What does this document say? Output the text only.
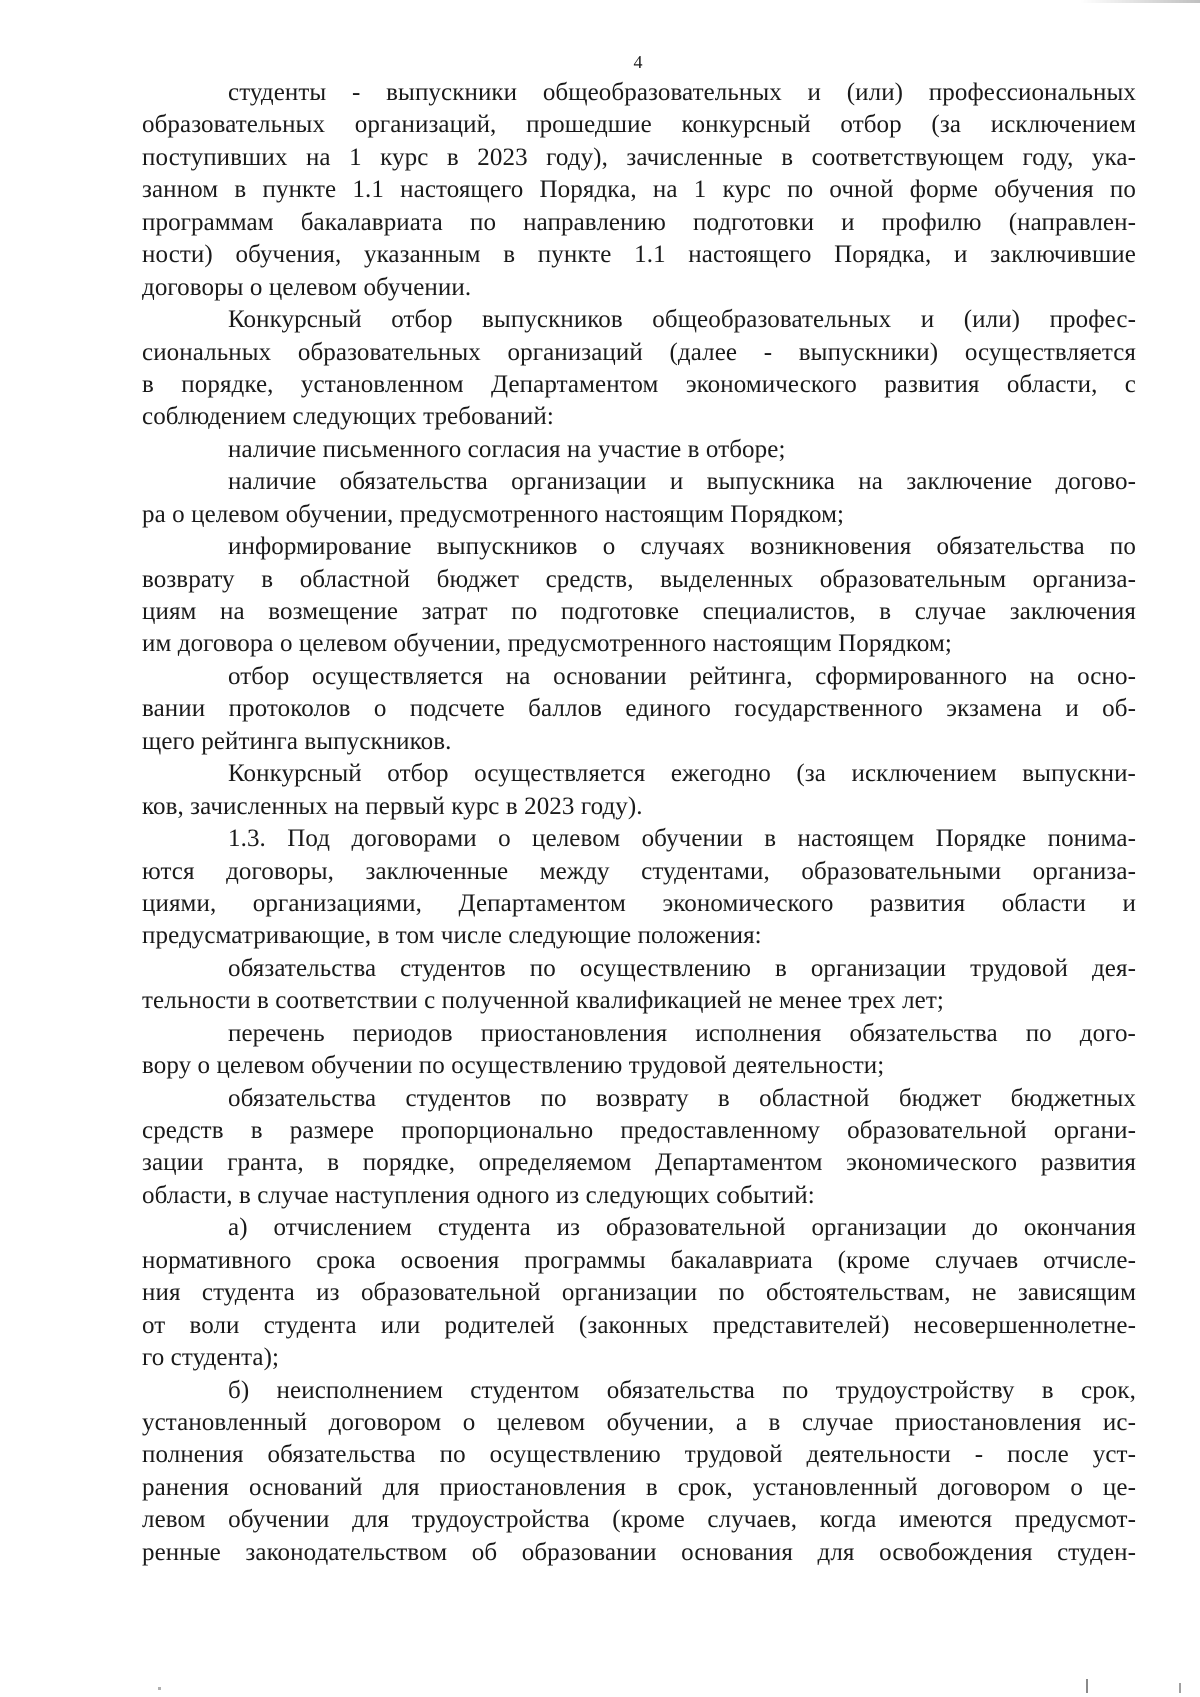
4
студенты - выпускники общеобразовательных и (или) профессиональных
образовательных организаций, прошедшие конкурсный отбор (за исключением
поступивших на 1 курс в 2023 году), зачисленные в соответствующем году, ука-
занном в пункте 1.1 настоящего Порядка, на 1 курс по очной форме обучения по
программам бакалавриата по направлению подготовки и профилю (направлен-
ности) обучения, указанным в пункте 1.1 настоящего Порядка, и заключившие
договоры о целевом обучении.
Конкурсный отбор выпускников общеобразовательных и (или) профес-
сиональных образовательных организаций (далее - выпускники) осуществляется
в порядке, установленном Департаментом экономического развития области, с
соблюдением следующих требований:
наличие письменного согласия на участие в отборе;
наличие обязательства организации и выпускника на заключение догово-
ра о целевом обучении, предусмотренного настоящим Порядком;
информирование выпускников о случаях возникновения обязательства по
возврату в областной бюджет средств, выделенных образовательным организа-
циям на возмещение затрат по подготовке специалистов, в случае заключения
им договора о целевом обучении, предусмотренного настоящим Порядком;
отбор осуществляется на основании рейтинга, сформированного на осно-
вании протоколов о подсчете баллов единого государственного экзамена и об-
щего рейтинга выпускников.
Конкурсный отбор осуществляется ежегодно (за исключением выпускни-
ков, зачисленных на первый курс в 2023 году).
1.3. Под договорами о целевом обучении в настоящем Порядке понима-
ются договоры, заключенные между студентами, образовательными организа-
циями, организациями, Департаментом экономического развития области и
предусматривающие, в том числе следующие положения:
обязательства студентов по осуществлению в организации трудовой дея-
тельности в соответствии с полученной квалификацией не менее трех лет;
перечень периодов приостановления исполнения обязательства по дого-
вору о целевом обучении по осуществлению трудовой деятельности;
обязательства студентов по возврату в областной бюджет бюджетных
средств в размере пропорционально предоставленному образовательной органи-
зации гранта, в порядке, определяемом Департаментом экономического развития
области, в случае наступления одного из следующих событий:
а) отчислением студента из образовательной организации до окончания
нормативного срока освоения программы бакалавриата (кроме случаев отчисле-
ния студента из образовательной организации по обстоятельствам, не зависящим
от воли студента или родителей (законных представителей) несовершеннолетне-
го студента);
б) неисполнением студентом обязательства по трудоустройству в срок,
установленный договором о целевом обучении, а в случае приостановления ис-
полнения обязательства по осуществлению трудовой деятельности - после уст-
ранения оснований для приостановления в срок, установленный договором о це-
левом обучении для трудоустройства (кроме случаев, когда имеются предусмот-
ренные законодательством об образовании основания для освобождения студен-
